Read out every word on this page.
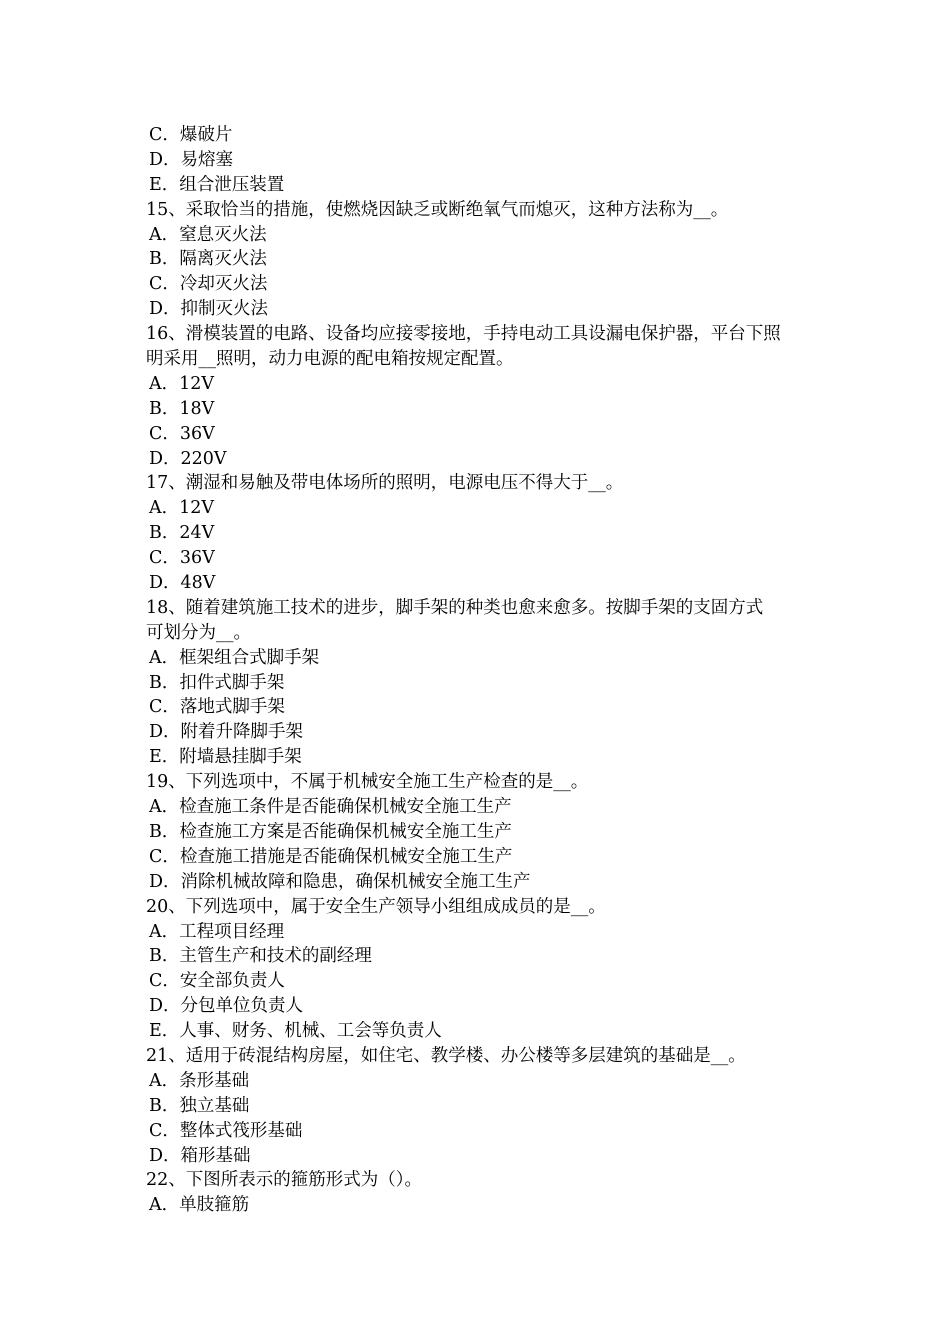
C．爆破片
D．易熔塞
E．组合泄压装置
15、采取恰当的措施，使燃烧因缺乏或断绝氧气而熄灭，这种方法称为__。
A．窒息灭火法
B．隔离灭火法
C．冷却灭火法
D．抑制灭火法
16、滑模装置的电路、设备均应接零接地，手持电动工具设漏电保护器，平台下照
明采用__照明，动力电源的配电箱按规定配置。
A．12V
B．18V
C．36V
D．220V
17、潮湿和易触及带电体场所的照明，电源电压不得大于__。
A．12V
B．24V
C．36V
D．48V
18、随着建筑施工技术的进步，脚手架的种类也愈来愈多。按脚手架的支固方式
可划分为__。
A．框架组合式脚手架
B．扣件式脚手架
C．落地式脚手架
D．附着升降脚手架
E．附墙悬挂脚手架
19、下列选项中，不属于机械安全施工生产检查的是__。
A．检查施工条件是否能确保机械安全施工生产
B．检查施工方案是否能确保机械安全施工生产
C．检查施工措施是否能确保机械安全施工生产
D．消除机械故障和隐患，确保机械安全施工生产
20、下列选项中，属于安全生产领导小组组成成员的是__。
A．工程项目经理
B．主管生产和技术的副经理
C．安全部负责人
D．分包单位负责人
E．人事、财务、机械、工会等负责人
21、适用于砖混结构房屋，如住宅、教学楼、办公楼等多层建筑的基础是__。
A．条形基础
B．独立基础
C．整体式筏形基础
D．箱形基础
22、下图所表示的箍筋形式为（）。
A．单肢箍筋
